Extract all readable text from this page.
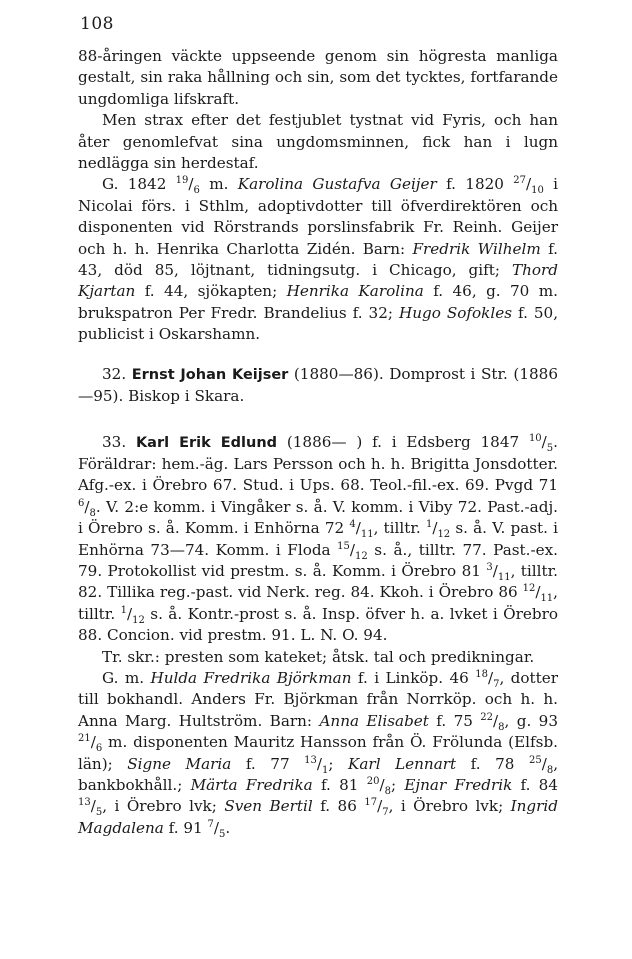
108

88-åringen väckte uppseende genom sin högresta manliga gestalt, sin raka hållning och sin, som det tycktes, fortfarande ungdomliga lifskraft.

Men strax efter det festjublet tystnat vid Fyris, och han åter genomlefvat sina ungdomsminnen, fick han i lugn nedlägga sin herdestaf.

G. 1842 $^{19}/_6$ m. Karolina Gustafva Geijer f. 1820 $^{27}/_{10}$ i Nicolai förs. i Sthlm, adoptivdotter till öfverdirektören och disponenten vid Rörstrands porslinsfabrik Fr. Reinh. Geijer och h. h. Henrika Charlotta Zidén. Barn: Fredrik Wilhelm f. 43, död 85, löjtnant, tidningsutg. i Chicago, gift; Thord Kjartan f. 44, sjökapten; Henrika Karolina f. 46, g. 70 m. brukspatron Per Fredr. Brandelius f. 32; Hugo Sofokles f. 50, publicist i Oskarshamn.

32. Ernst Johan Keijser (1880—86). Domprost i Str. (1886—95). Biskop i Skara.

33. Karl Erik Edlund (1886— ) f. i Edsberg 1847 $^{10}/_5$. Föräldrar: hem.-äg. Lars Persson och h. h. Brigitta Jonsdotter. Afg.-ex. i Örebro 67. Stud. i Ups. 68. Teol.-fil.-ex. 69. Pvgd 71 $^6/_8$. V. 2:e komm. i Vingåker s. å. V. komm. i Viby 72. Past.-adj. i Örebro s. å. Komm. i Enhörna 72 $^4/_{11}$, tilltr. $^1/_{12}$ s. å. V. past. i Enhörna 73—74. Komm. i Floda $^{15}/_{12}$ s. å., tilltr. 77. Past.-ex. 79. Protokollist vid prestm. s. å. Komm. i Örebro 81 $^3/_{11}$, tilltr. 82. Tillika reg.-past. vid Nerk. reg. 84. Kkoh. i Örebro 86 $^{12}/_{11}$, tilltr. $^1/_{12}$ s. å. Kontr.-prost s. å. Insp. öfver h. a. lvket i Örebro 88. Concion. vid prestm. 91. L. N. O. 94.

Tr. skr.: presten som kateket; åtsk. tal och predikningar.

G. m. Hulda Fredrika Björkman f. i Linköp. 46 $^{18}/_7$, dotter till bokhandl. Anders Fr. Björkman från Norrköp. och h. h. Anna Marg. Hultström. Barn: Anna Elisabet f. 75 $^{22}/_8$, g. 93 $^{21}/_6$ m. disponenten Mauritz Hansson från Ö. Frölunda (Elfsb. län); Signe Maria f. 77 $^{13}/_1$; Karl Lennart f. 78 $^{25}/_8$, bankbokhåll.; Märta Fredrika f. 81 $^{20}/_8$; Ejnar Fredrik f. 84 $^{13}/_5$, i Örebro lvk; Sven Bertil f. 86 $^{17}/_7$, i Örebro lvk; Ingrid Magdalena f. 91 $^7/_5$.
